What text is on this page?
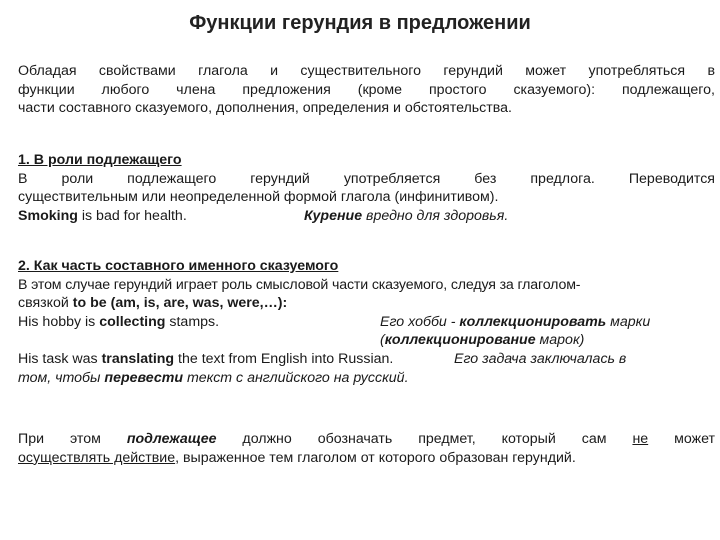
Функции герундия в предложении
Обладая свойствами глагола и существительного герундий может употребляться в
функции любого члена предложения (кроме простого сказуемого): подлежащего,
части составного сказуемого, дополнения, определения и обстоятельства.
1. В роли подлежащего
В роли подлежащего герундий употребляется без предлога. Переводится
существительным или неопределенной формой глагола (инфинитивом).
Smoking is bad for health.	Курение вредно для здоровья.
2. Как часть составного именного сказуемого
В этом случае герундий играет роль смысловой части сказуемого, следуя за глаголом-
связкой to be (am, is, are, was, were,…):
His hobby is collecting stamps.	Его хобби - коллекционировать марки
(коллекционирование марок)
His task was translating the text from English into Russian.	Его задача заключалась в
том, чтобы перевести текст с английского на русский.
При этом подлежащее должно обозначать предмет, который сам не может
осуществлять действие, выраженное тем глаголом от которого образован герундий.
